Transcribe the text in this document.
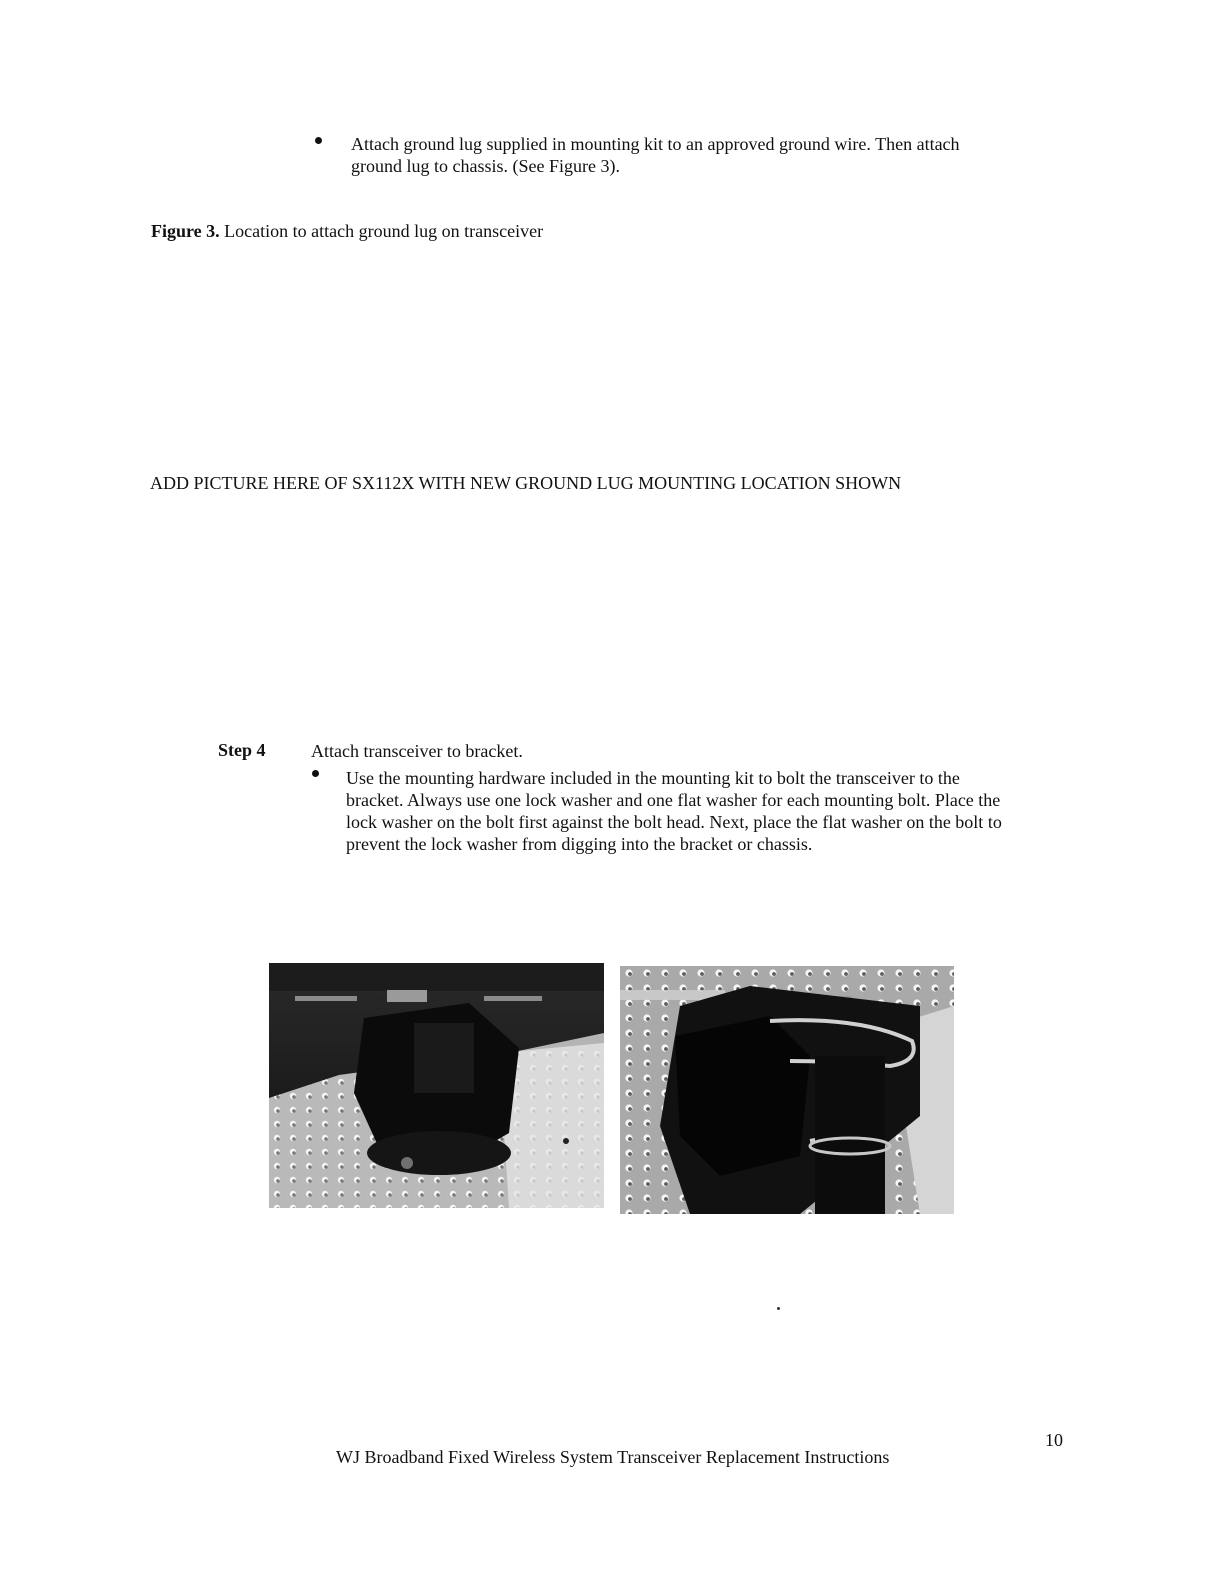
Attach ground lug supplied in mounting kit to an approved ground wire. Then attach
ground lug to chassis. (See Figure 3).
Figure 3. Location to attach ground lug on transceiver
ADD PICTURE HERE OF SX112X WITH NEW GROUND LUG MOUNTING LOCATION SHOWN
Step 4	Attach transceiver to bracket.
Use the mounting hardware included in the mounting kit to bolt the transceiver to the
bracket. Always use one lock washer and one flat washer for each mounting bolt. Place the
lock washer on the bolt first against the bolt head. Next, place the flat washer on the bolt to
prevent the lock washer from digging into the bracket or chassis.
WJ Broadband Fixed Wireless System Transceiver Replacement Instructions
10
